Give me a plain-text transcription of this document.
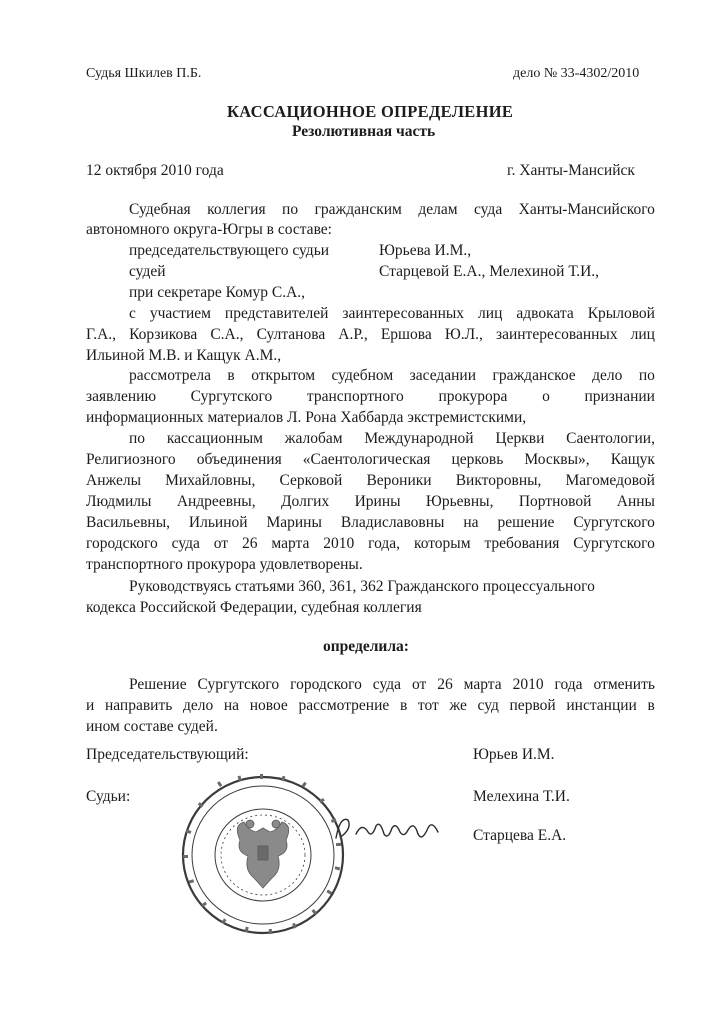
Судья Шкилев П.Б.	дело № 33-4302/2010
КАССАЦИОННОЕ ОПРЕДЕЛЕНИЕ
Резолютивная часть
12 октября 2010 года	г. Ханты-Мансийск
Судебная коллегия по гражданским делам суда Ханты-Мансийского
автономного округа-Югры в составе:
председательствующего судьи	Юрьева И.М.,
судей	Старцевой Е.А., Мелехиной Т.И.,
при секретаре Комур С.А.,
с участием представителей заинтересованных лиц адвоката Крыловой
Г.А., Корзикова С.А., Султанова А.Р., Ершова Ю.Л., заинтересованных лиц
Ильиной М.В. и Кащук А.М.,
рассмотрела в открытом судебном заседании гражданское дело по
заявлению Сургутского транспортного прокурора о признании
информационных материалов Л. Рона Хаббарда экстремистскими,
по кассационным жалобам Международной Церкви Саентологии,
Религиозного объединения «Саентологическая церковь Москвы», Кащук
Анжелы Михайловны, Серковой Вероники Викторовны, Магомедовой
Людмилы Андреевны, Долгих Ирины Юрьевны, Портновой Анны
Васильевны, Ильиной Марины Владиславовны на решение Сургутского
городского суда от 26 марта 2010 года, которым требования Сургутского
транспортного прокурора удовлетворены.
Руководствуясь статьями 360, 361, 362 Гражданского процессуального
кодекса Российской Федерации, судебная коллегия
определила:
Решение Сургутского городского суда от 26 марта 2010 года отменить
и направить дело на новое рассмотрение в тот же суд первой инстанции в
ином составе судей.
Председательствующий:	Юрьев И.М.
Судьи:	Мелехина Т.И.
Старцева Е.А.
